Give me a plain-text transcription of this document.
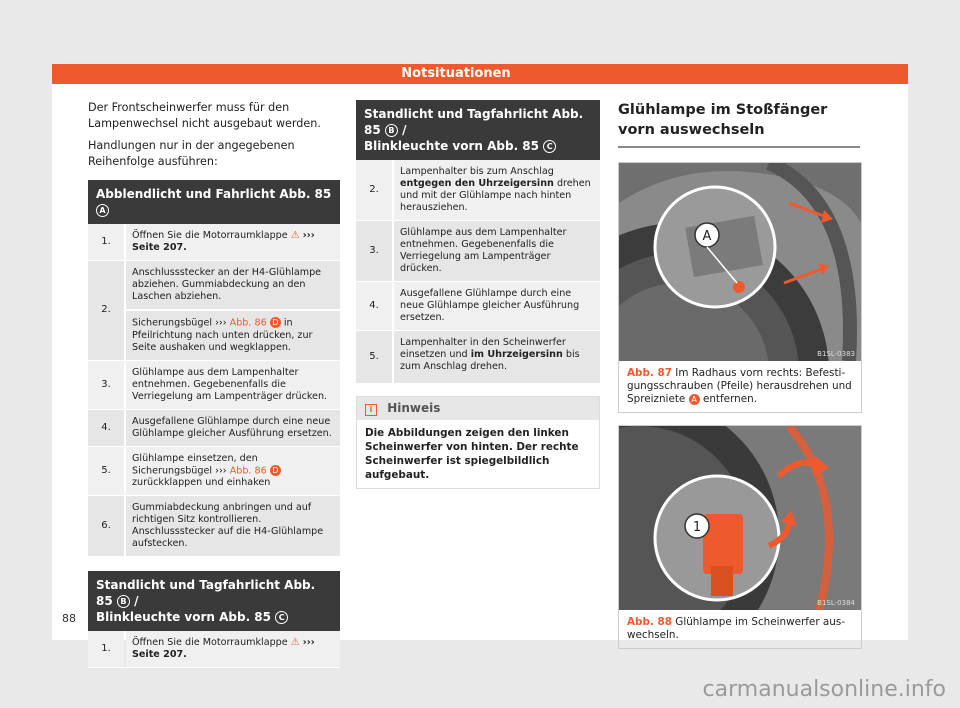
Notsituationen

Der Frontscheinwerfer muss für den Lampenwechsel nicht ausgebaut werden.

Handlungen nur in der angegebenen Reihenfolge ausführen:

Abblendlicht und Fahrlicht Abb. 85 A
1.
Öffnen Sie die Motorraumklappe ⚠ ››› Seite 207.
2.
Anschlussstecker an der H4-Glühlampe abziehen. Gummiabdeckung an den Laschen abziehen.
Sicherungsbügel ››› Abb. 86 D in Pfeilrichtung nach unten drücken, zur Seite aushaken und wegklappen.
3.
Glühlampe aus dem Lampenhalter entnehmen. Gegebenenfalls die Verriegelung am Lampenträger drücken.
4.
Ausgefallene Glühlampe durch eine neue Glühlampe gleicher Ausführung ersetzen.
5.
Glühlampe einsetzen, den Sicherungsbügel ››› Abb. 86 D zurückklappen und einhaken
6.
Gummiabdeckung anbringen und auf richtigen Sitz kontrollieren. Anschlussstecker auf die H4-Glühlampe aufstecken.
Standlicht und Tagfahrlicht Abb. 85 B /
Blinkleuchte vorn Abb. 85 C
1.
Öffnen Sie die Motorraumklappe ⚠ ››› Seite 207.
Standlicht und Tagfahrlicht Abb. 85 B /
Blinkleuchte vorn Abb. 85 C
2.
Lampenhalter bis zum Anschlag entgegen den Uhrzeigersinn drehen und mit der Glühlampe nach hinten herausziehen.
3.
Glühlampe aus dem Lampenhalter entnehmen. Gegebenenfalls die Verriegelung am Lampenträger drücken.
4.
Ausgefallene Glühlampe durch eine neue Glühlampe gleicher Ausführung ersetzen.
5.
Lampenhalter in den Scheinwerfer einsetzen und im Uhrzeigersinn bis zum Anschlag drehen.
i Hinweis
Die Abbildungen zeigen den linken Scheinwerfer von hinten. Der rechte Scheinwerfer ist spiegelbildlich aufgebaut.
Glühlampe im Stoßfänger vorn auswechseln
A
B1SL-0383
Abb. 87 Im Radhaus vorn rechts: Befestigungsschrauben (Pfeile) herausdrehen und Spreizniete A entfernen.
1
B1SL-0384
Abb. 88 Glühlampe im Scheinwerfer auswechseln.
88
carmanualsonline.info
